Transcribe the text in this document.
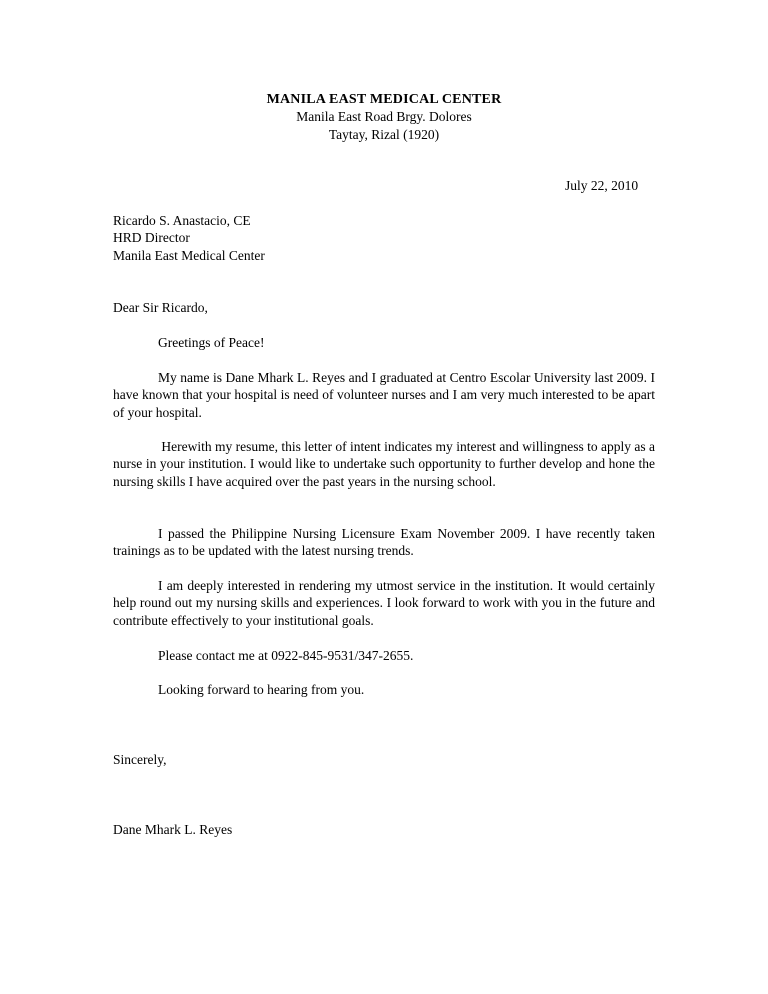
MANILA EAST MEDICAL CENTER
Manila East Road Brgy. Dolores
Taytay, Rizal (1920)
July 22, 2010
Ricardo S. Anastacio, CE
HRD Director
Manila East Medical Center
Dear Sir Ricardo,
Greetings of Peace!
My name is Dane Mhark L. Reyes and I graduated at Centro Escolar University last 2009. I have known that your hospital is need of volunteer nurses and I am very much interested to be apart of your hospital.
Herewith my resume, this letter of intent indicates my interest and willingness to apply as a nurse in your institution. I would like to undertake such opportunity to further develop and hone the nursing skills I have acquired over the past years in the nursing school.
I passed the Philippine Nursing Licensure Exam November 2009. I have recently taken trainings as to be updated with the latest nursing trends.
I am deeply interested in rendering my utmost service in the institution. It would certainly help round out my nursing skills and experiences. I look forward to work with you in the future and contribute effectively to your institutional goals.
Please contact me at 0922-845-9531/347-2655.
Looking forward to hearing from you.
Sincerely,
Dane Mhark L. Reyes
